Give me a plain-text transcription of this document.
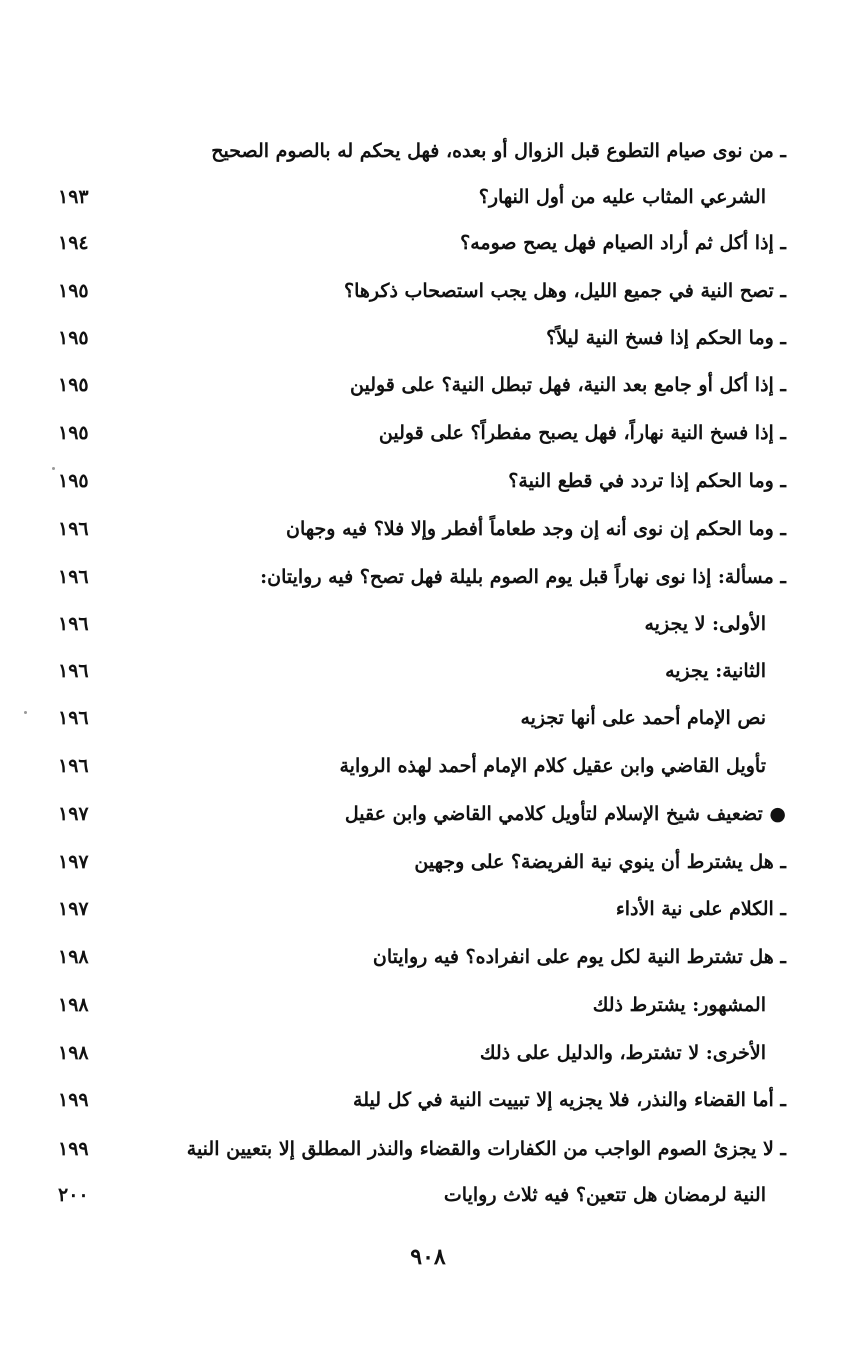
ـ من نوى صيام التطوع قبل الزوال أو بعده، فهل يحكم له بالصوم الصحيح
الشرعي المثاب عليه من أول النهار؟
١٩٣
ـ إذا أكل ثم أراد الصيام فهل يصح صومه؟
١٩٤
ـ تصح النية في جميع الليل، وهل يجب استصحاب ذكرها؟
١٩٥
ـ وما الحكم إذا فسخ النية ليلاً؟
١٩٥
ـ إذا أكل أو جامع بعد النية، فهل تبطل النية؟ على قولين
١٩٥
ـ إذا فسخ النية نهاراً، فهل يصبح مفطراً؟ على قولين
١٩٥
ـ وما الحكم إذا تردد في قطع النية؟
١٩٥
ـ وما الحكم إن نوى أنه إن وجد طعاماً أفطر وإلا فلا؟ فيه وجهان
١٩٦
ـ مسألة: إذا نوى نهاراً قبل يوم الصوم بليلة فهل تصح؟ فيه روايتان:
١٩٦
الأولى: لا يجزيه
١٩٦
الثانية: يجزيه
١٩٦
نص الإمام أحمد على أنها تجزيه
١٩٦
تأويل القاضي وابن عقيل كلام الإمام أحمد لهذه الرواية
١٩٦
● تضعيف شيخ الإسلام لتأويل كلامي القاضي وابن عقيل
١٩٧
ـ هل يشترط أن ينوي نية الفريضة؟ على وجهين
١٩٧
ـ الكلام على نية الأداء
١٩٧
ـ هل تشترط النية لكل يوم على انفراده؟ فيه روايتان
١٩٨
المشهور: يشترط ذلك
١٩٨
الأخرى: لا تشترط، والدليل على ذلك
١٩٨
ـ أما القضاء والنذر، فلا يجزيه إلا تبييت النية في كل ليلة
١٩٩
ـ لا يجزئ الصوم الواجب من الكفارات والقضاء والنذر المطلق إلا بتعيين النية
١٩٩
النية لرمضان هل تتعين؟ فيه ثلاث روايات
٢٠٠
٩٠٨
